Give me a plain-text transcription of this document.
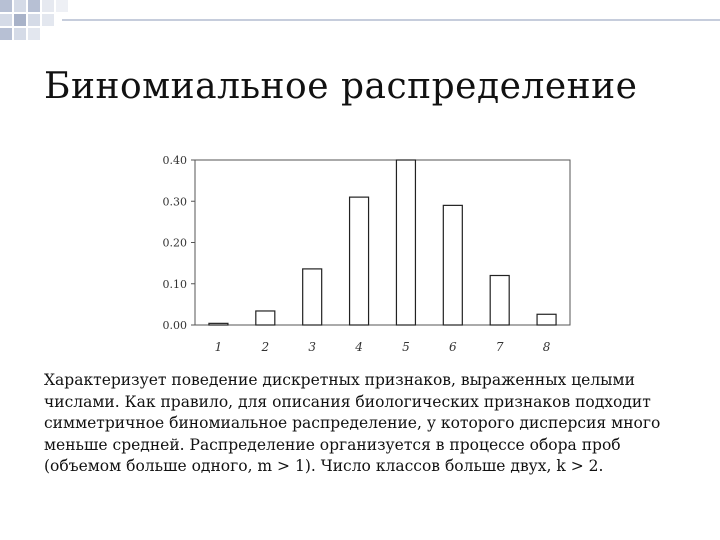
Биномиальное распределение
0.00
0.10
0.20
0.30
0.40
1	2	3	4	5	6	7	8
Характеризует поведение дискретных признаков, выраженных целыми числами. Как правило, для описания биологических признаков подходит симметричное биномиальное распределение, у которого дисперсия много меньше средней. Распределение организуется в процессе обора проб (объемом больше одного, m > 1). Число классов больше двух, k > 2.
